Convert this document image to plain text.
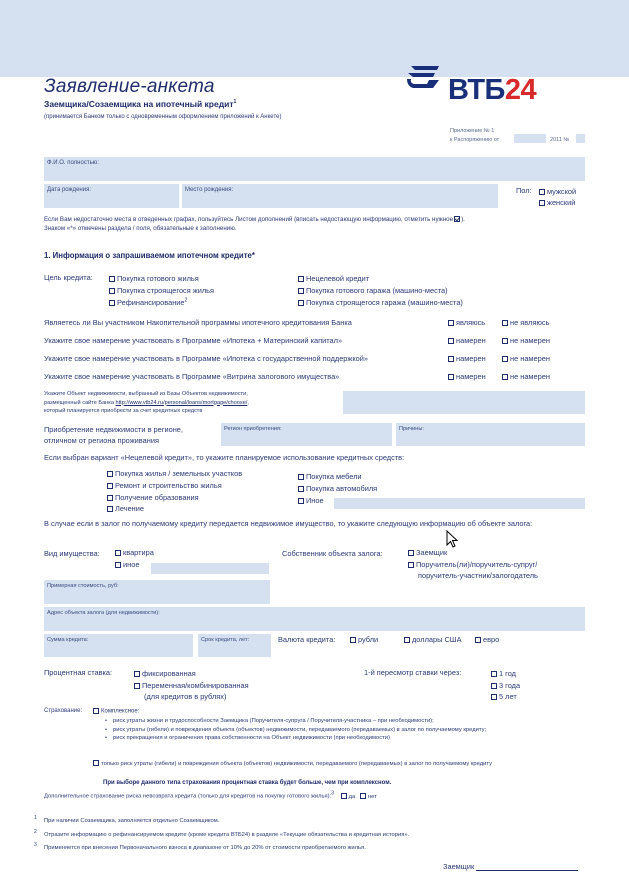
Заявление-анкета
Заемщика/Созаемщика на ипотечный кредит$^1$
(принимается Банком только с одновременным оформлением приложений к Анкете)
ВТБ24
Приложение № 1
к Распоряжению от	2011 №
Ф.И.О. полностью:
Дата рождения:	Место рождения:	Пол:	мужской
женский
Если Вам недостаточно места в отведенных графах, пользуйтесь Листом дополнений (вписать недостающую информацию, отметить нужное ).
Знаком «*» отмечены раздела / поля, обязательные к заполнению.
1. Информация о запрашиваемом ипотечном кредите*
Цель кредита:	Покупка готового жилья
Покупка строящегося жилья
Рефинансирование$^2$
Нецелевой кредит
Покупка готового гаража (машино-места)
Покупка строящегося гаража (машино-места)
Являетесь ли Вы участником Накопительной программы ипотечного кредитования Банка	являюсь	не являюсь
Укажите свое намерение участвовать в Программе «Ипотека + Материнский капитал»	намерен	не намерен
Укажите свое намерение участвовать в Программе «Ипотека с государственной поддержкой»	намерен	не намерен
Укажите свое намерение участвовать в Программе «Витрина залогового имущества»	намерен	не намерен
Укажите Объект недвижимости, выбранный из Базы Объектов недвижимости,
размещенный сайте Банка http://www.vtb24.ru/personal/loans/mortgage/choose/,
который планируется приобрести за счет кредитных средств
Приобретение недвижимости в регионе,
отличном от региона проживания
Регион приобретения:	Причины:
Если выбран вариант «Нецелевой кредит», то укажите планируемое использование кредитных средств:
Покупка жилья / земельных участков
Ремонт и строительство жилья
Получение образования
Лечение
Покупка мебели
Покупка автомобиля
Иное
В случае если в залог по получаемому кредиту передается недвижимое имущество, то укажите следующую информацию об объекте залога:
Вид имущества:	квартира
иное
Собственник объекта залога:	Заемщик
Поручитель(ли)/поручитель-супруг/
поручитель-участник/залогодатель
Примерная стоимость, руб:
Адрес объекта залога (для недвижимости):
Сумма кредита:	Срок кредита, лет:	Валюта кредита:	рубли	доллары США	евро
Процентная ставка:	фиксированная
Переменная/комбинированная
(для кредитов в рублях)
1-й пересмотр ставки через:	1 год
3 года
5 лет
Страхование:	Комплексное:
• риск утраты жизни и трудоспособности Заемщика (Поручителя-супруга / Поручителя-участника – при необходимости);
• риск утраты (гибели) и повреждения объекта (объектов) недвижимости, передаваемого (передаваемых) в залог по получаемому кредиту;
• риск прекращения и ограничения права собственности на Объект недвижимости (при необходимости)
только риск утраты (гибели) и повреждения объекта (объектов) недвижимости, передаваемого (передаваемых) в залог по получаемому кредиту
При выборе данного типа страхования процентная ставка будет больше, чем при комплексном.
Дополнительное страхование риска невозврата кредита (только для кредитов на покупку готового жилья):$^3$	да нет
$^1$ При наличии Созаемщика, заполняется отдельно Созаемщиком.
$^2$ Отразите информацию о рефинансируемом кредите (кроме кредита ВТБ24) в разделе «Текущие обязательства и кредитная история».
$^3$ Применяется при внесении Первоначального взноса в диапазоне от 10% до 20% от стоимости приобретаемого жилья.
Заемщик
